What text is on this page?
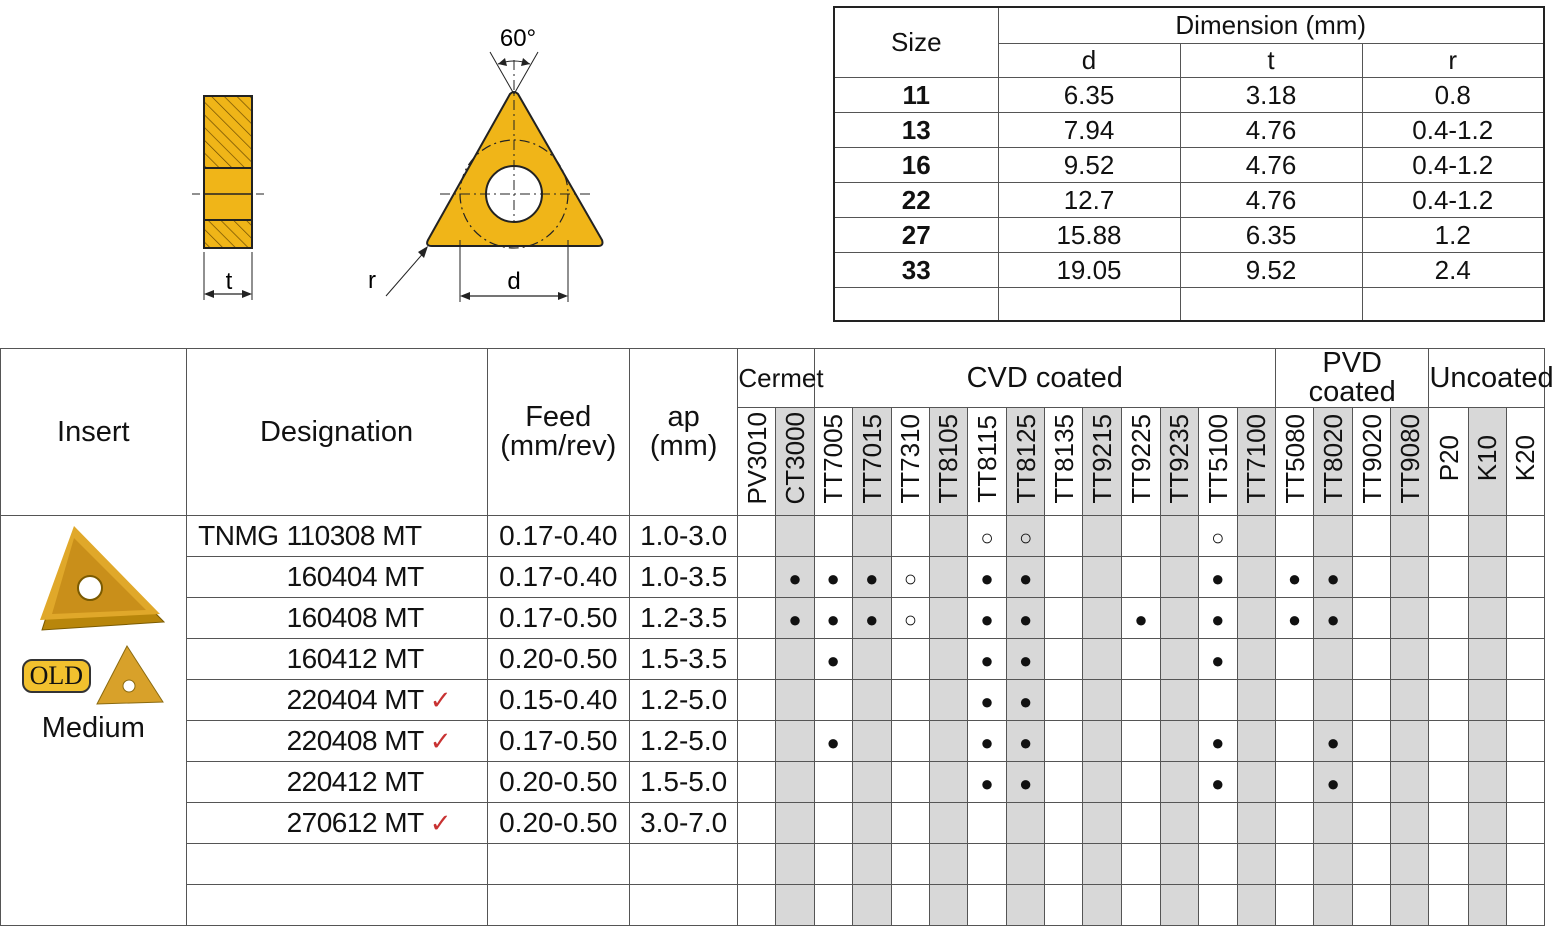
t
60°
d
r
Size	Dimension (mm)		
	d	t	r
11	6.35	3.18	0.8
13	7.94	4.76	0.4-1.2
16	9.52	4.76	0.4-1.2
22	12.7	4.76	0.4-1.2
27	15.88	6.35	1.2
33	19.05	9.52	2.4

Insert	Designation	Feed (mm/rev)	ap (mm)	Cermet		CVD coated												PVD coated				Uncoated		
				PV3010	CT3000	TT7005	TT7015	TT7310	TT8105	TT8115	TT8125	TT8135	TT9215	TT9225	TT9235	TT5100	TT7100	TT5080	TT8020	TT9020	TT9080	P20	K10	K20

OLD
Medium	TNMG 110308 MT	0.17-0.40	1.0-3.0							○	○					○								
	160404 MT	0.17-0.40	1.0-3.5		●	●	●	○		●	●					●		●	●					
	160408 MT	0.17-0.50	1.2-3.5		●	●	●	○		●	●			●		●		●	●					
	160412 MT	0.20-0.50	1.5-3.5			●				●	●					●								
	220404 MT ✓	0.15-0.40	1.2-5.0							●	●													
	220408 MT ✓	0.17-0.50	1.2-5.0			●				●	●					●			●					
	220412 MT	0.20-0.50	1.5-5.0							●	●					●			●					
	270612 MT ✓	0.20-0.50	3.0-7.0																					
